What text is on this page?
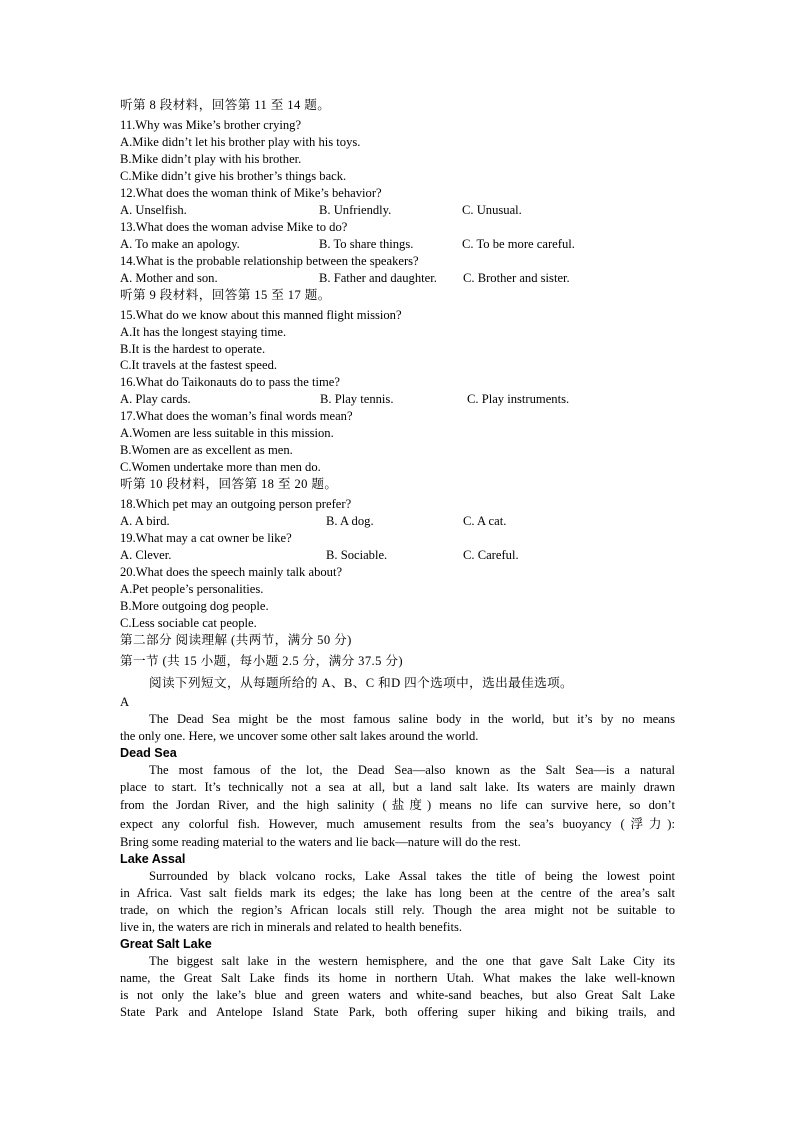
听第 8 段材料，回答第 11 至 14 题。
11.Why was Mike’s brother crying?
A.Mike didn’t let his brother play with his toys.
B.Mike didn’t play with his brother.
C.Mike didn’t give his brother’s things back.
12.What does the woman think of Mike’s behavior?
A. Unselfish.	B. Unfriendly.	C. Unusual.
13.What does the woman advise Mike to do?
A. To make an apology.	B. To share things.	C. To be more careful.
14.What is the probable relationship between the speakers?
A. Mother and son.	B. Father and daughter. C. Brother and sister.
听第 9 段材料，回答第 15 至 17 题。
15.What do we know about this manned flight mission?
A.It has the longest staying time.
B.It is the hardest to operate.
C.It travels at the fastest speed.
16.What do Taikonauts do to pass the time?
A. Play cards.	B. Play tennis.	C. Play instruments.
17.What does the woman’s final words mean?
A.Women are less suitable in this mission.
B.Women are as excellent as men.
C.Women undertake more than men do.
听第 10 段材料，回答第 18 至 20 题。
18.Which pet may an outgoing person prefer?
A. A bird.	B. A dog.	C. A cat.
19.What may a cat owner be like?
A. Clever.	B. Sociable.	C. Careful.
20.What does the speech mainly talk about?
A.Pet people’s personalities.
B.More outgoing dog people.
C.Less sociable cat people.
第二部分 阅读理解 (共两节，满分 50 分)
第一节 (共 15 小题，每小题 2.5 分，满分 37.5 分)
阅读下列短文，从每题所给的 A、B、C 和D 四个选项中，选出最佳选项。
A
The Dead Sea might be the most famous saline body in the world, but it’s by no means
the only one. Here, we uncover some other salt lakes around the world.
Dead Sea
The most famous of the lot, the Dead Sea—also known as the Salt Sea—is a natural
place to start. It’s technically not a sea at all, but a land salt lake. Its waters are mainly drawn
from the Jordan River, and the high salinity (盐度) means no life can survive here, so don’t
expect any colorful fish. However, much amusement results from the sea’s buoyancy (浮力):
Bring some reading material to the waters and lie back—nature will do the rest.
Lake Assal
Surrounded by black volcano rocks, Lake Assal takes the title of being the lowest point
in Africa. Vast salt fields mark its edges; the lake has long been at the centre of the area’s salt
trade, on which the region’s African locals still rely. Though the area might not be suitable to
live in, the waters are rich in minerals and related to health benefits.
Great Salt Lake
The biggest salt lake in the western hemisphere, and the one that gave Salt Lake City its
name, the Great Salt Lake finds its home in northern Utah. What makes the lake well-known
is not only the lake’s blue and green waters and white-sand beaches, but also Great Salt Lake
State Park and Antelope Island State Park, both offering super hiking and biking trails, and
